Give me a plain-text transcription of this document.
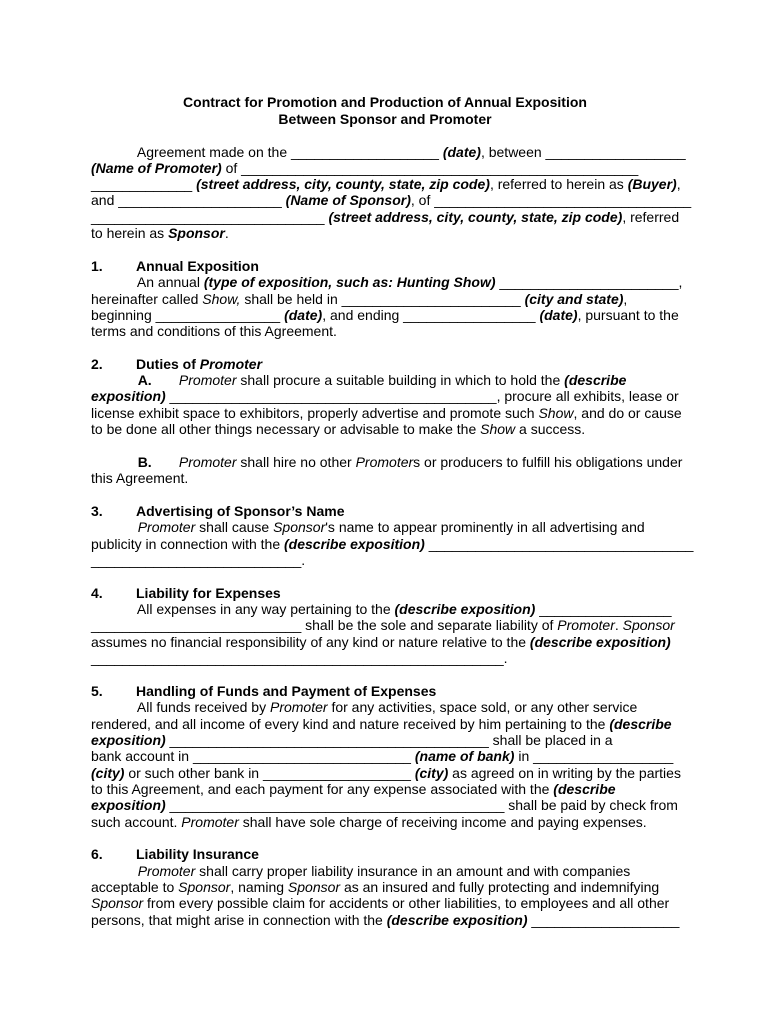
Contract for Promotion and Production of Annual Exposition
Between Sponsor and Promoter
Agreement made on the ___________________ (date), between __________________
(Name of Promoter) of ___________________________________________________
_____________ (street address, city, county, state, zip code), referred to herein as (Buyer),
and _____________________ (Name of Sponsor), of _________________________________
______________________________ (street address, city, county, state, zip code), referred
to herein as Sponsor.
1. Annual Exposition
An annual (type of exposition, such as: Hunting Show) _______________________,
hereinafter called Show, shall be held in _______________________ (city and state),
beginning ________________ (date), and ending _________________ (date), pursuant to the
terms and conditions of this Agreement.
2. Duties of Promoter
A. Promoter shall procure a suitable building in which to hold the (describe
exposition) __________________________________________, procure all exhibits, lease or
license exhibit space to exhibitors, properly advertise and promote such Show, and do or cause
to be done all other things necessary or advisable to make the Show a success.
B. Promoter shall hire no other Promoters or producers to fulfill his obligations under
this Agreement.
3. Advertising of Sponsor’s Name
Promoter shall cause Sponsor's name to appear prominently in all advertising and
publicity in connection with the (describe exposition) __________________________________
___________________________.
4. Liability for Expenses
All expenses in any way pertaining to the (describe exposition) _________________
___________________________ shall be the sole and separate liability of Promoter. Sponsor
assumes no financial responsibility of any kind or nature relative to the (describe exposition)
_____________________________________________________.
5. Handling of Funds and Payment of Expenses
All funds received by Promoter for any activities, space sold, or any other service
rendered, and all income of every kind and nature received by him pertaining to the (describe
exposition) _________________________________________ shall be placed in a
bank account in ____________________________ (name of bank) in __________________
(city) or such other bank in ___________________ (city) as agreed on in writing by the parties
to this Agreement, and each payment for any expense associated with the (describe
exposition) ___________________________________________ shall be paid by check from
such account. Promoter shall have sole charge of receiving income and paying expenses.
6. Liability Insurance
Promoter shall carry proper liability insurance in an amount and with companies
acceptable to Sponsor, naming Sponsor as an insured and fully protecting and indemnifying
Sponsor from every possible claim for accidents or other liabilities, to employees and all other
persons, that might arise in connection with the (describe exposition) ___________________
